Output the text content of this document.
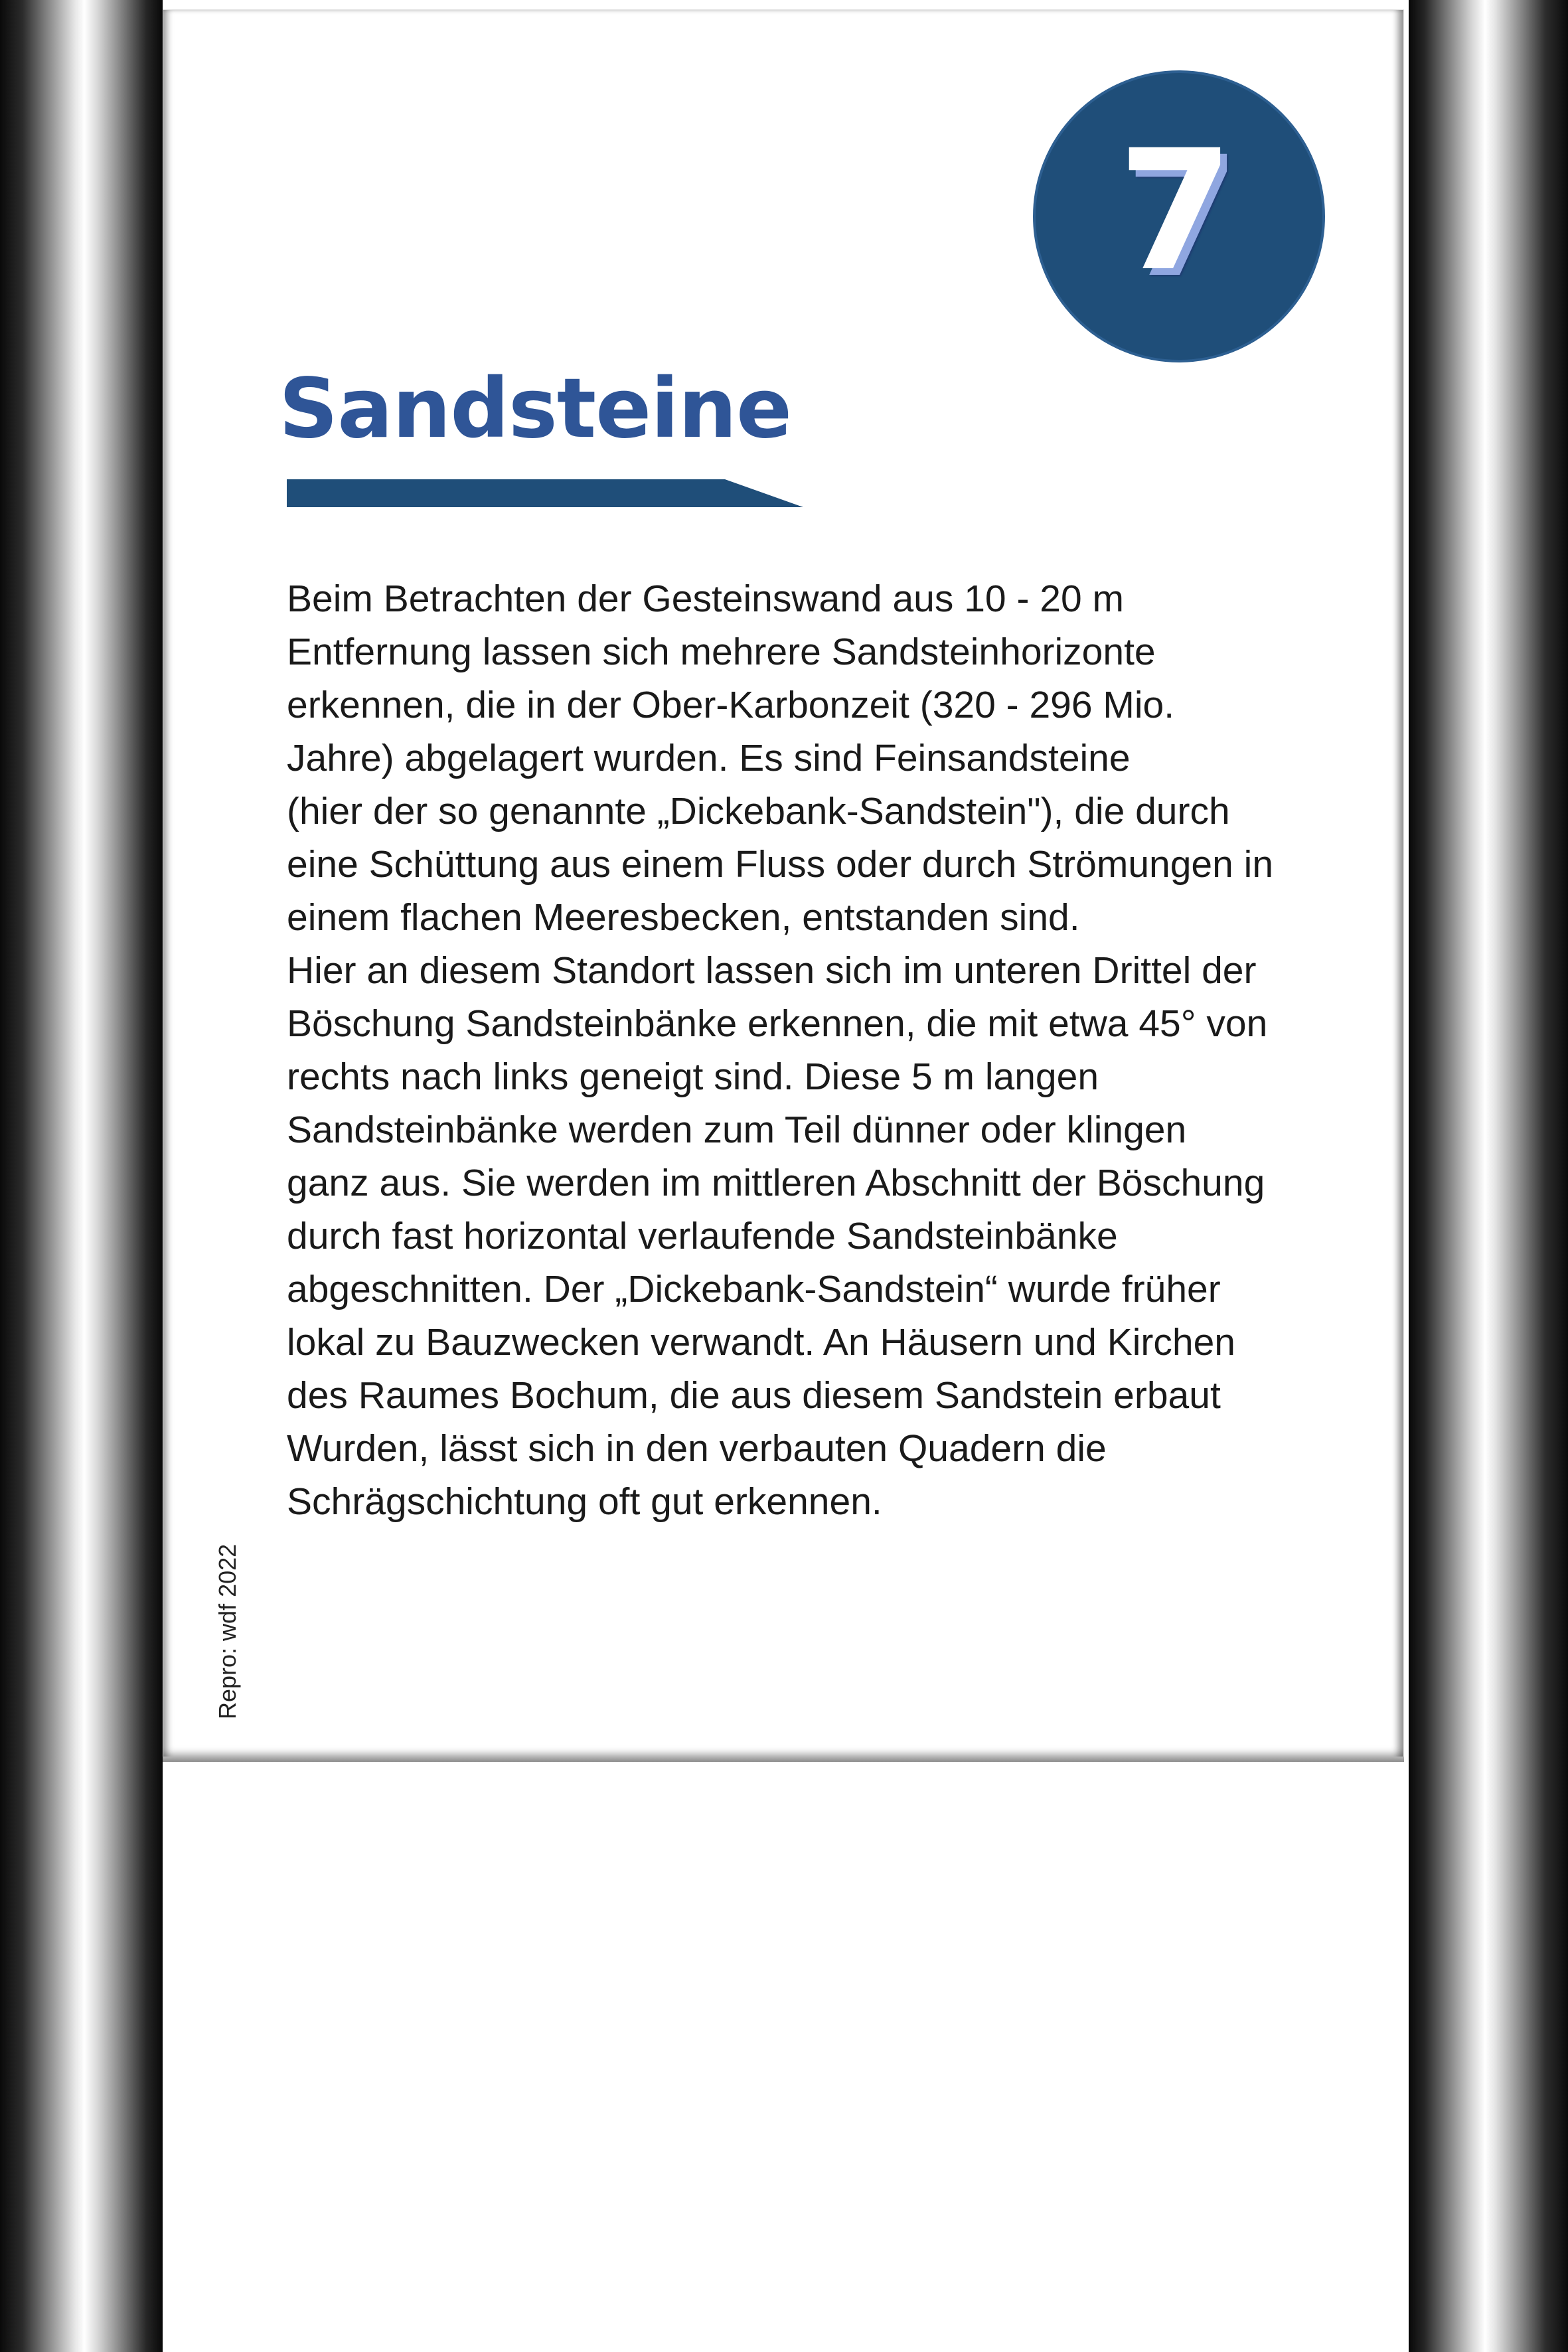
7
Sandsteine
Beim Betrachten der Gesteinswand aus 10 - 20 m
Entfernung lassen sich mehrere Sandsteinhorizonte
erkennen, die in der Ober-Karbonzeit (320 - 296 Mio.
Jahre) abgelagert wurden. Es sind Feinsandsteine
(hier der so genannte „Dickebank-Sandstein"), die durch
eine Schüttung aus einem Fluss oder durch Strömungen in
einem flachen Meeresbecken, entstanden sind.
Hier an diesem Standort lassen sich im unteren Drittel der
Böschung Sandsteinbänke erkennen, die mit etwa 45° von
rechts nach links geneigt sind. Diese 5 m langen
Sandsteinbänke werden zum Teil dünner oder klingen
ganz aus. Sie werden im mittleren Abschnitt der Böschung
durch fast horizontal verlaufende Sandsteinbänke
abgeschnitten. Der „Dickebank-Sandstein“ wurde früher
lokal zu Bauzwecken verwandt. An Häusern und Kirchen
des Raumes Bochum, die aus diesem Sandstein erbaut
Wurden, lässt sich in den verbauten Quadern die
Schrägschichtung oft gut erkennen.
Repro: wdf 2022
